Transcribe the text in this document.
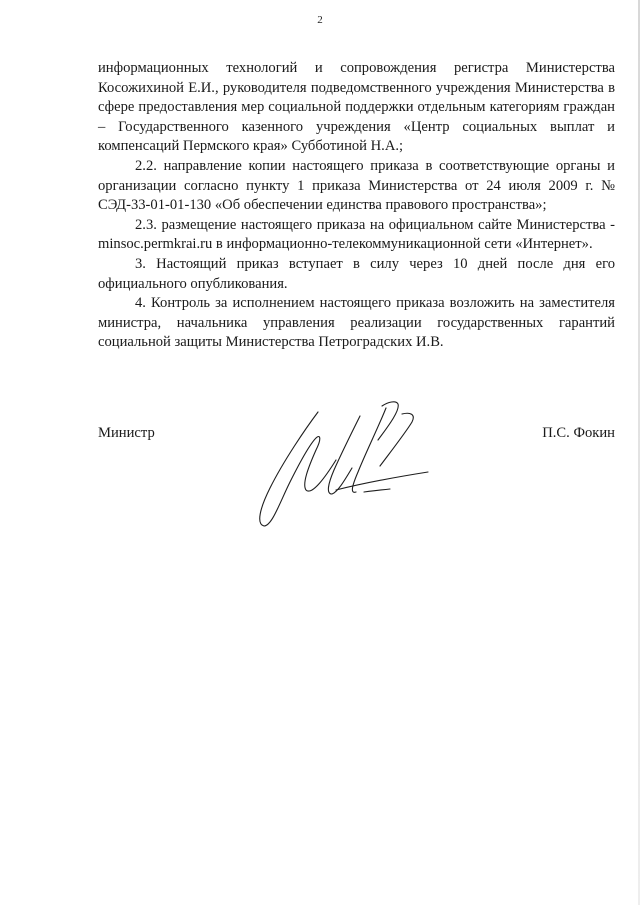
2

информационных технологий и сопровождения регистра Министерства Косожихиной Е.И., руководителя подведомственного учреждения Министерства в сфере предоставления мер социальной поддержки отдельным категориям граждан – Государственного казенного учреждения «Центр социальных выплат и компенсаций Пермского края» Субботиной Н.А.;

2.2. направление копии настоящего приказа в соответствующие органы и организации согласно пункту 1 приказа Министерства от 24 июля 2009 г. № СЭД-33-01-01-130 «Об обеспечении единства правового пространства»;

2.3. размещение настоящего приказа на официальном сайте Министерства - minsoc.permkrai.ru в информационно-телекоммуникационной сети «Интернет».

3. Настоящий приказ вступает в силу через 10 дней после дня его официального опубликования.

4. Контроль за исполнением настоящего приказа возложить на заместителя министра, начальника управления реализации государственных гарантий социальной защиты Министерства Петроградских И.В.

Министр	П.С. Фокин
